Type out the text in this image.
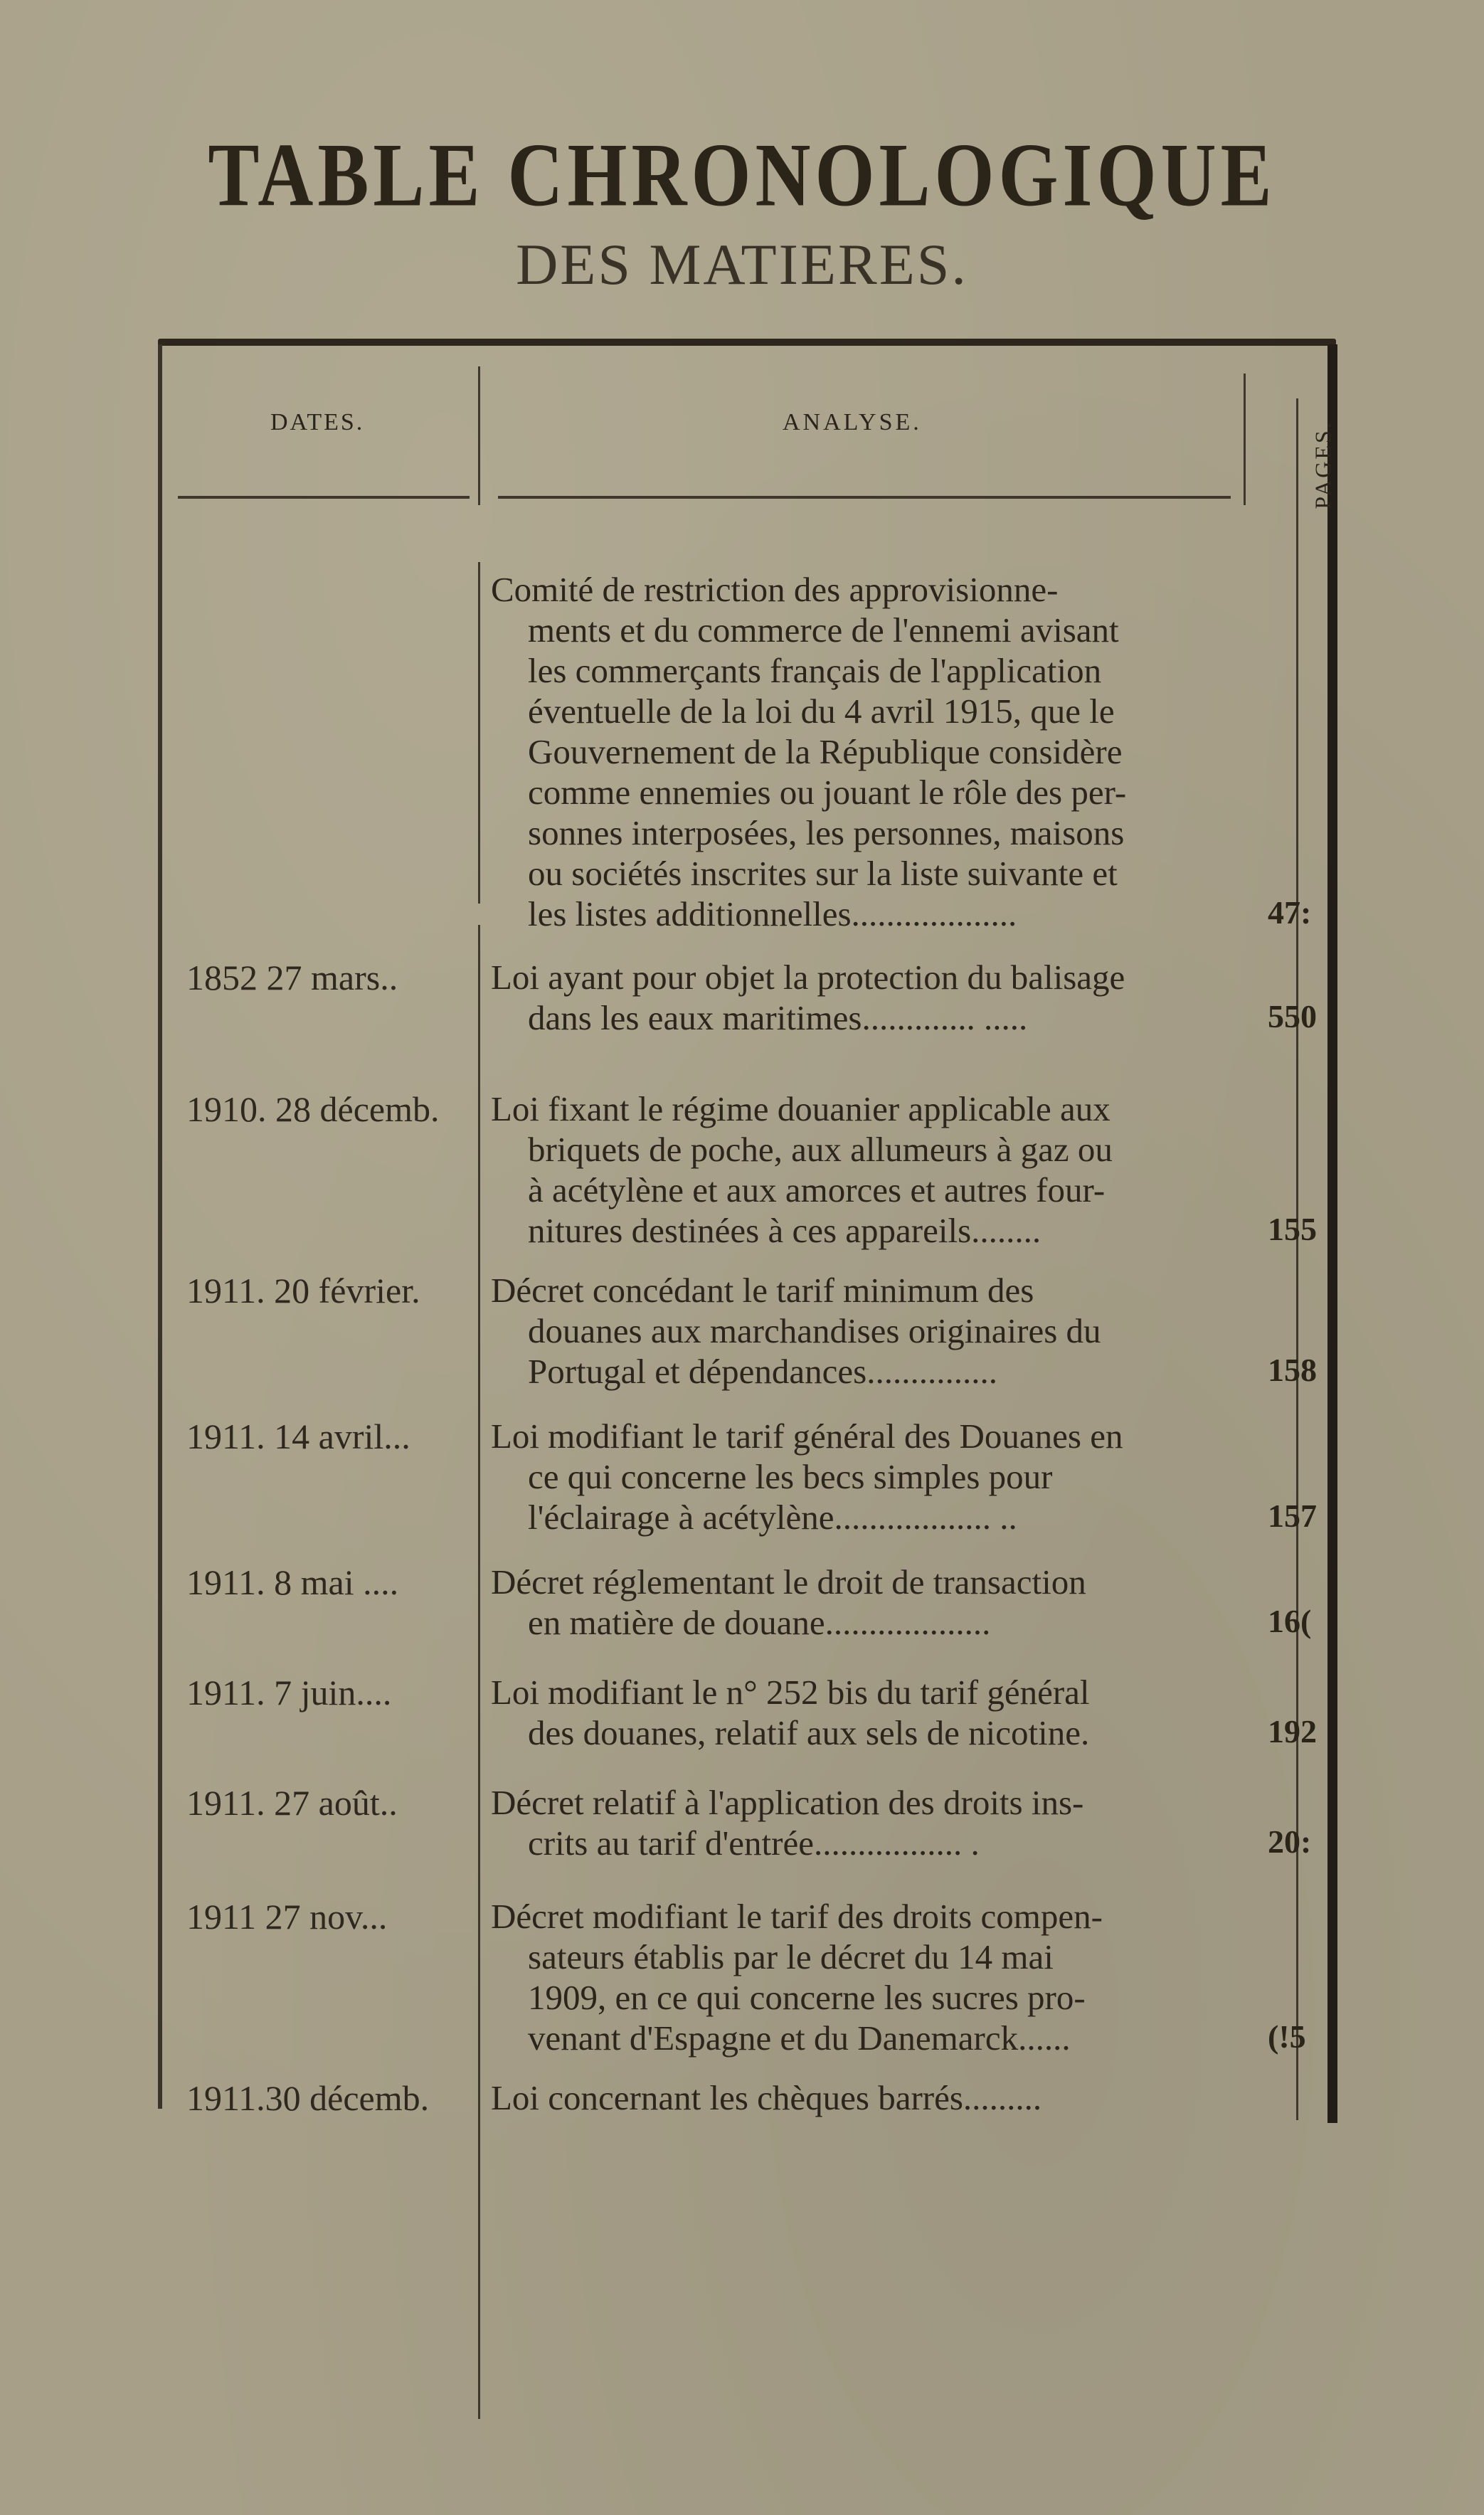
TABLE CHRONOLOGIQUE
DES MATIERES.
DATES.	ANALYSE.	PAGES.
Comité de restriction des approvisionne-
ments et du commerce de l'ennemi avisant
les commerçants français de l'application
éventuelle de la loi du 4 avril 1915, que le
Gouvernement de la République considère
comme ennemies ou jouant le rôle des per-
sonnes interposées, les personnes, maisons
ou sociétés inscrites sur la liste suivante et
les listes additionnelles...................	47:
1852 27 mars..	Loi ayant pour objet la protection du balisage
dans les eaux maritimes............. .....	550
1910. 28 décemb. Loi fixant le régime douanier applicable aux
briquets de poche, aux allumeurs à gaz ou
à acétylène et aux amorces et autres four-
nitures destinées à ces appareils........	155
1911. 20 février. Décret concédant le tarif minimum des
douanes aux marchandises originaires du
Portugal et dépendances...............	158
1911. 14 avril... Loi modifiant le tarif général des Douanes en
ce qui concerne les becs simples pour
l'éclairage à acétylène.................. ..	157
1911. 8 mai ....	Décret réglementant le droit de transaction
en matière de douane...................	16(
1911. 7 juin....	Loi modifiant le n° 252 bis du tarif général
des douanes, relatif aux sels de nicotine.	192
1911. 27 août..	Décret relatif à l'application des droits ins-
crits au tarif d'entrée................. .	20:
1911 27 nov...	Décret modifiant le tarif des droits compen-
sateurs établis par le décret du 14 mai
1909, en ce qui concerne les sucres pro-
venant d'Espagne et du Danemarck......	(!5
1911.30 décemb. Loi concernant les chèques barrés.........
